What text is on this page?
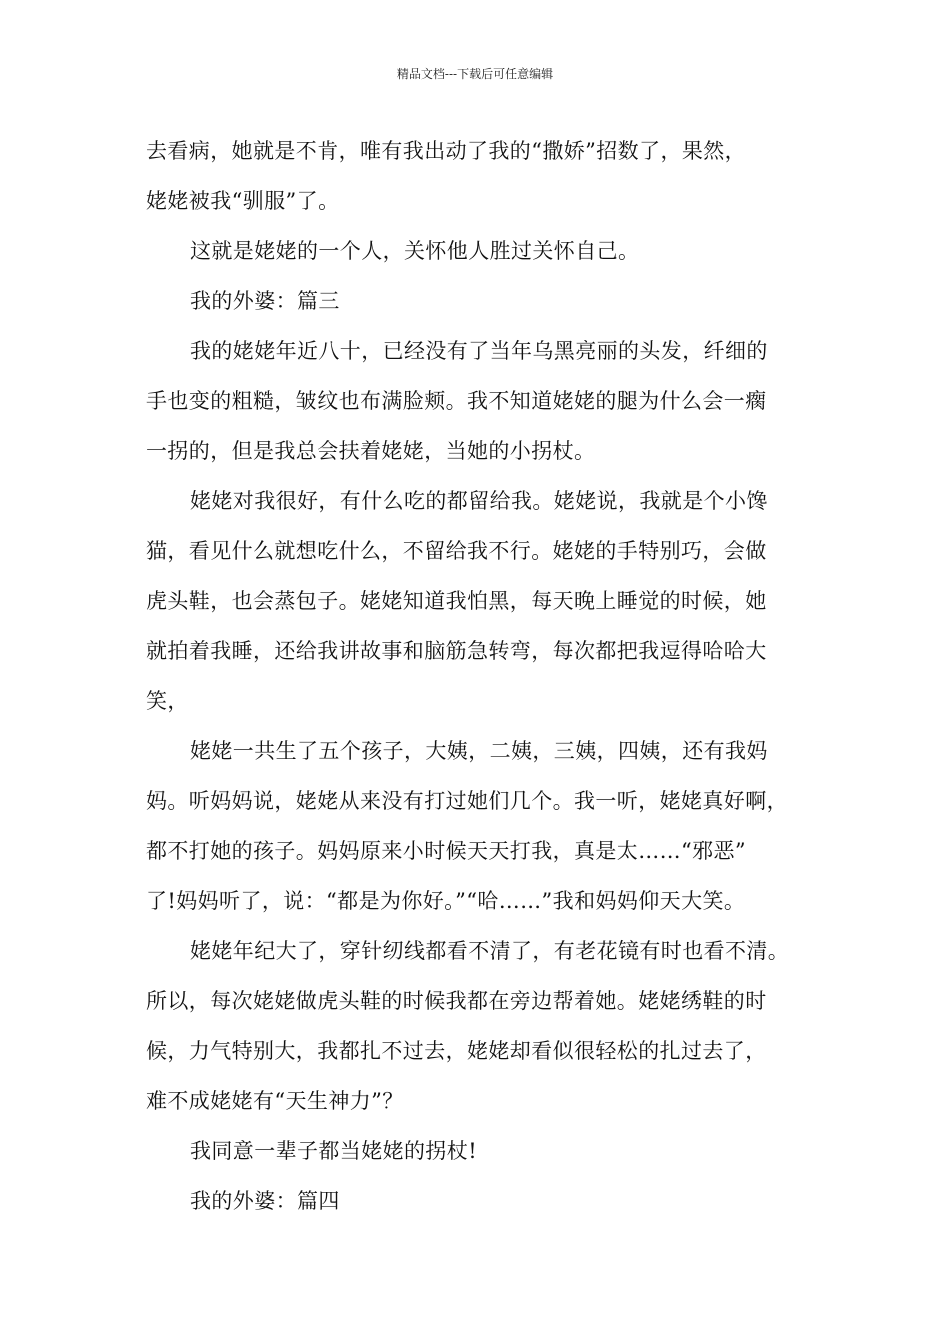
精品文档---下载后可任意编辑
去看病，她就是不肯，唯有我出动了我的“撒娇”招数了，果然，
姥姥被我“驯服”了。
这就是姥姥的一个人，关怀他人胜过关怀自己。
我的外婆：篇三
我的姥姥年近八十，已经没有了当年乌黑亮丽的头发，纤细的
手也变的粗糙，皱纹也布满脸颊。我不知道姥姥的腿为什么会一瘸
一拐的，但是我总会扶着姥姥，当她的小拐杖。
姥姥对我很好，有什么吃的都留给我。姥姥说，我就是个小馋
猫，看见什么就想吃什么，不留给我不行。姥姥的手特别巧，会做
虎头鞋，也会蒸包子。姥姥知道我怕黑，每天晚上睡觉的时候，她
就拍着我睡，还给我讲故事和脑筋急转弯，每次都把我逗得哈哈大
笑，
姥姥一共生了五个孩子，大姨，二姨，三姨，四姨，还有我妈
妈。听妈妈说，姥姥从来没有打过她们几个。我一听，姥姥真好啊，
都不打她的孩子。妈妈原来小时候天天打我，真是太……“邪恶”
了!妈妈听了，说：“都是为你好。”“哈……”我和妈妈仰天大笑。
姥姥年纪大了，穿针纫线都看不清了，有老花镜有时也看不清。
所以，每次姥姥做虎头鞋的时候我都在旁边帮着她。姥姥绣鞋的时
候，力气特别大，我都扎不过去，姥姥却看似很轻松的扎过去了，
难不成姥姥有“天生神力”？
我同意一辈子都当姥姥的拐杖!
我的外婆：篇四
